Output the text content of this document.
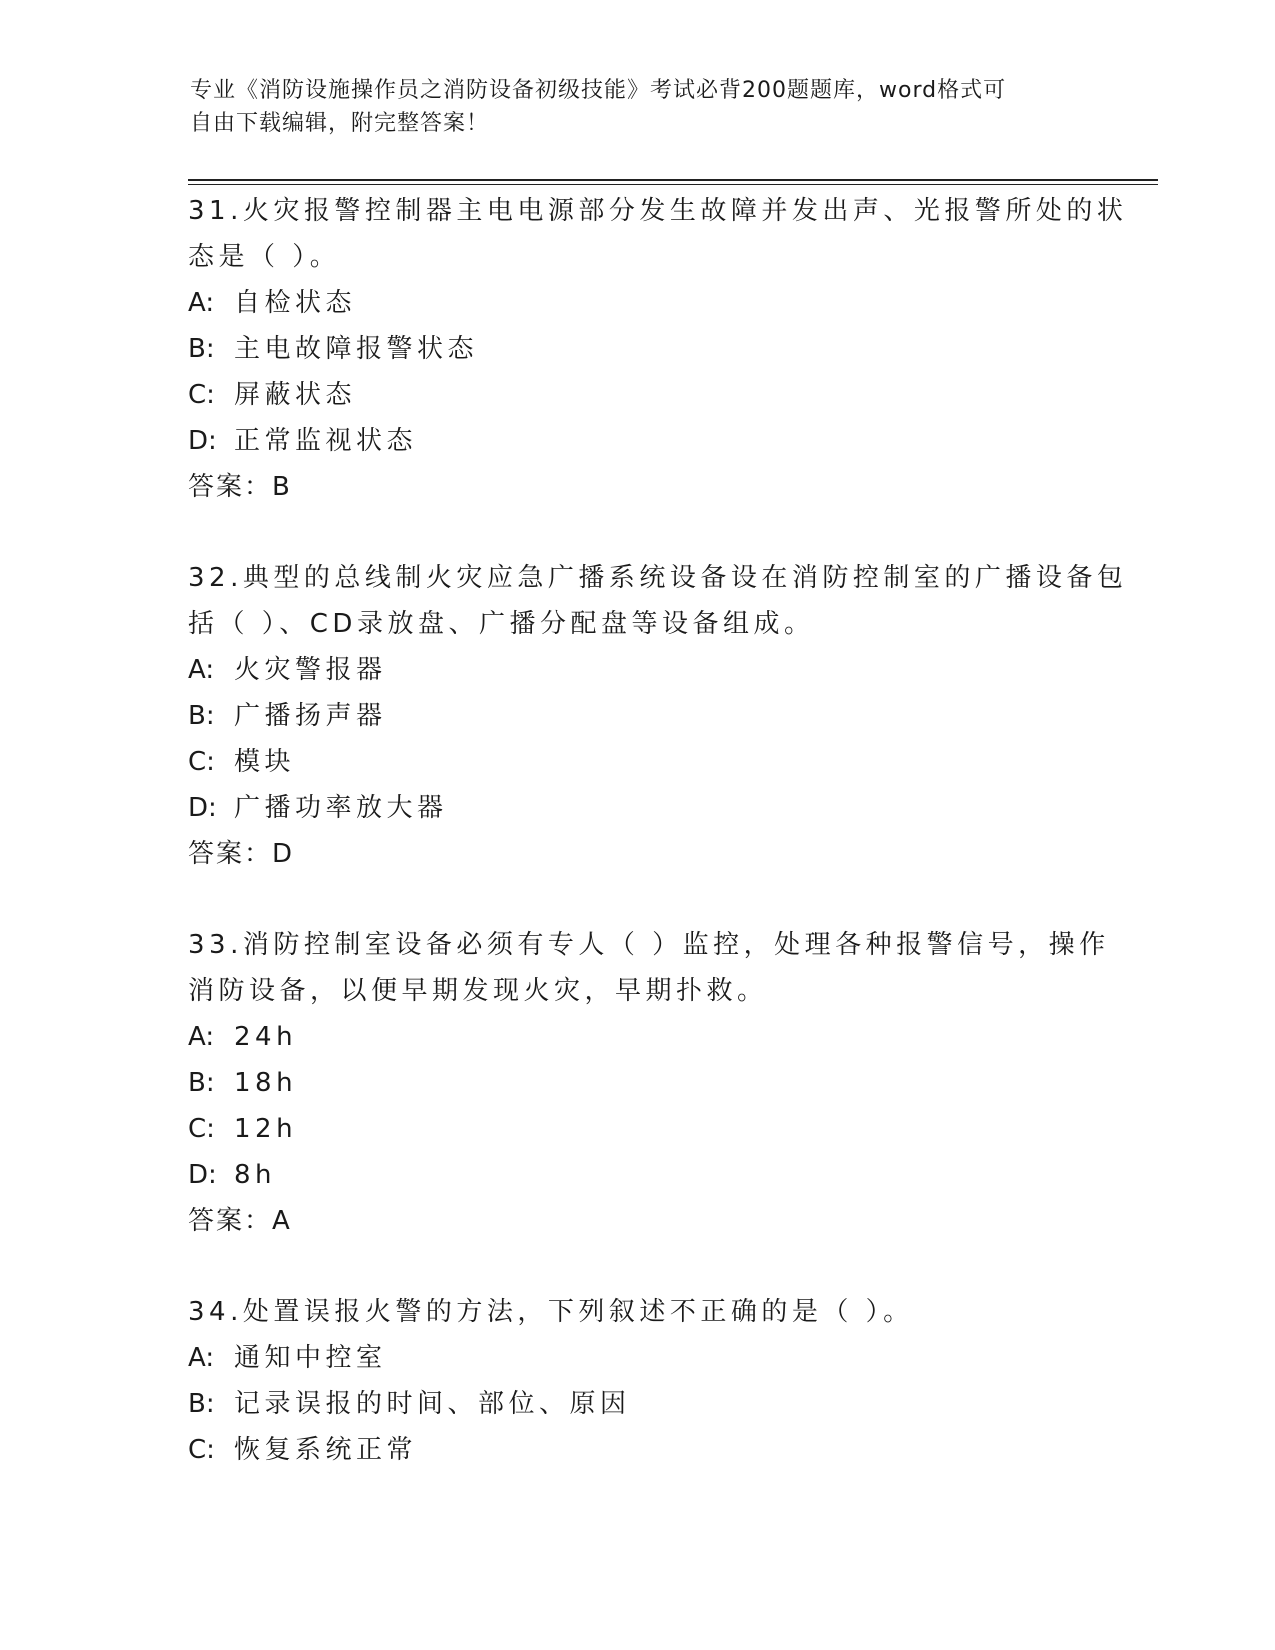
专业《消防设施操作员之消防设备初级技能》考试必背200题题库，word格式可
自由下载编辑，附完整答案！
31.火灾报警控制器主电电源部分发生故障并发出声、光报警所处的状
态是（ ）。
A: 自检状态
B: 主电故障报警状态
C: 屏蔽状态
D: 正常监视状态
答案：B
32.典型的总线制火灾应急广播系统设备设在消防控制室的广播设备包
括（ ）、CD录放盘、广播分配盘等设备组成。
A: 火灾警报器
B: 广播扬声器
C: 模块
D: 广播功率放大器
答案：D
33.消防控制室设备必须有专人（ ）监控，处理各种报警信号，操作
消防设备，以便早期发现火灾，早期扑救。
A: 24h
B: 18h
C: 12h
D: 8h
答案：A
34.处置误报火警的方法，下列叙述不正确的是（ ）。
A: 通知中控室
B: 记录误报的时间、部位、原因
C: 恢复系统正常
